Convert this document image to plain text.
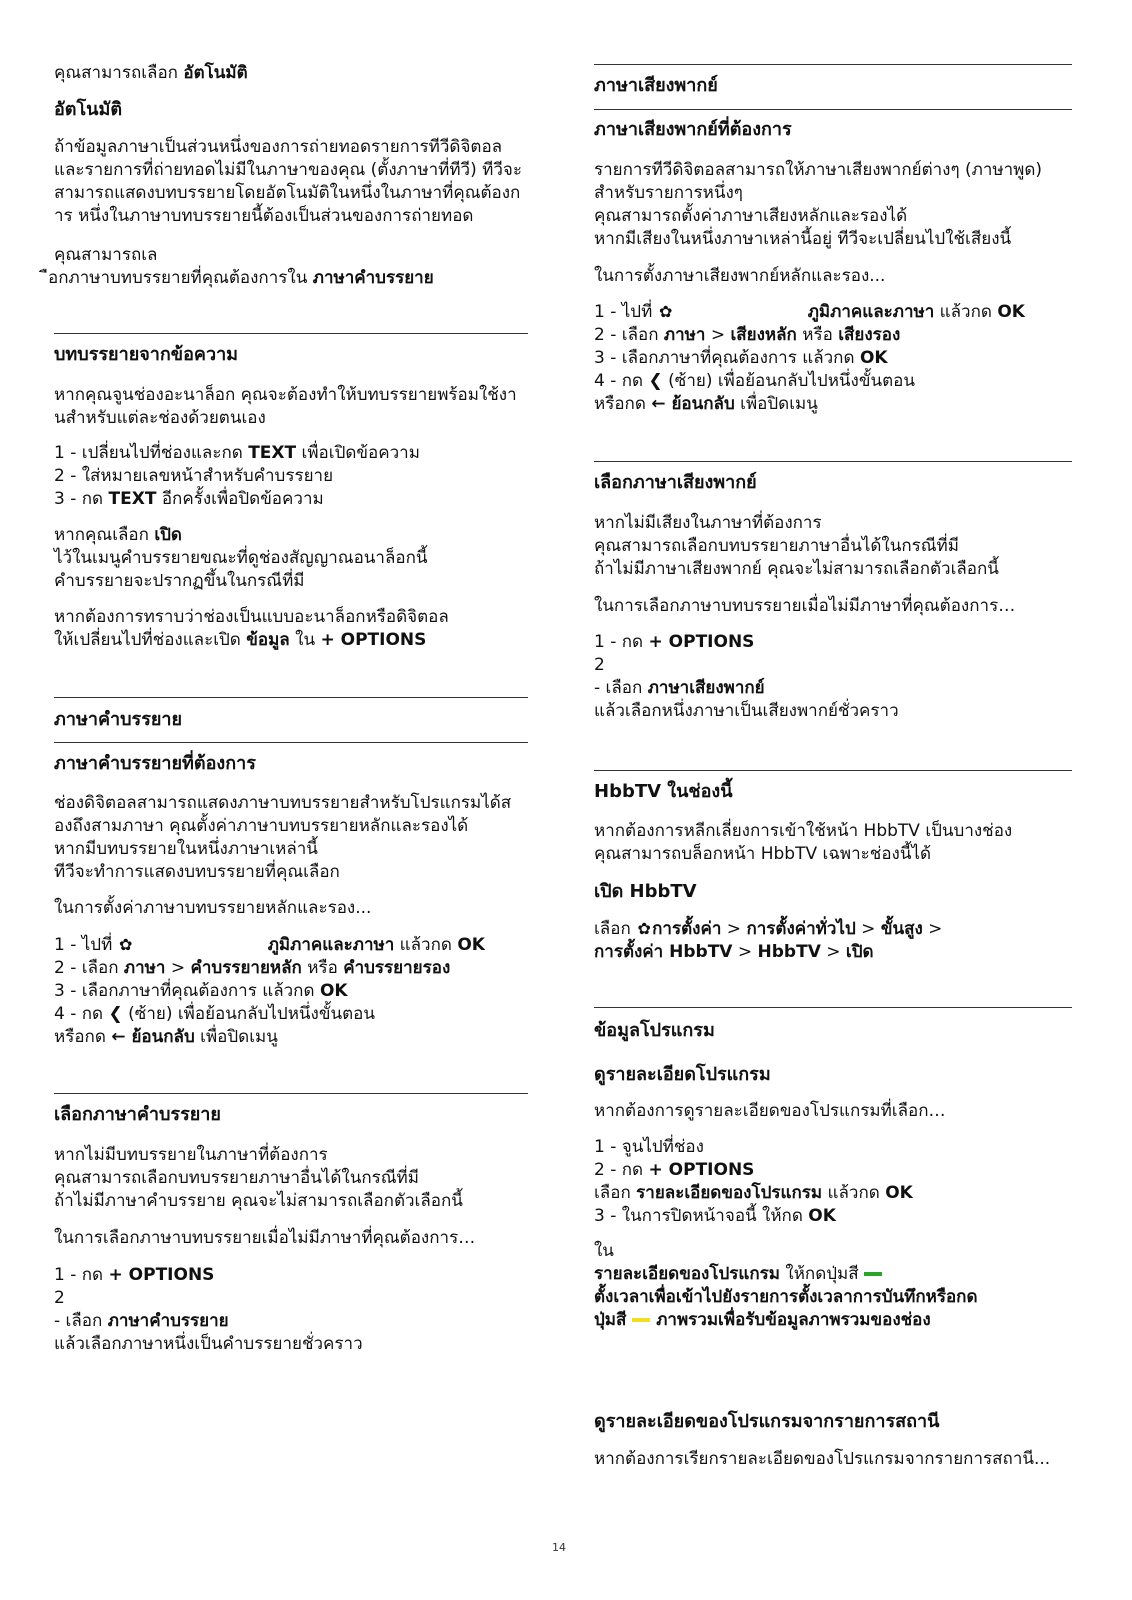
คุณสามารถเลือก อัตโนมัติ
อัตโนมัติ
ถ้าข้อมูลภาษาเป็นส่วนหนึ่งของการถ่ายทอดรายการทีวีดิจิตอล
และรายการที่ถ่ายทอดไม่มีในภาษาของคุณ (ตั้งภาษาที่ทีวี) ทีวีจะ
สามารถแสดงบทบรรยายโดยอัตโนมัติในหนึ่งในภาษาที่คุณต้องก
าร หนึ่งในภาษาบทบรรยายนี้ต้องเป็นส่วนของการถ่ายทอด
คุณสามารถเล
ือกภาษาบทบรรยายที่คุณต้องการใน ภาษาคำบรรยาย
บทบรรยายจากข้อความ
หากคุณจูนช่องอะนาล็อก คุณจะต้องทำให้บทบรรยายพร้อมใช้งา
นสำหรับแต่ละช่องด้วยตนเอง
1 - เปลี่ยนไปที่ช่องและกด TEXT เพื่อเปิดข้อความ
2 - ใส่หมายเลขหน้าสำหรับคำบรรยาย
3 - กด TEXT อีกครั้งเพื่อปิดข้อความ
หากคุณเลือก เปิด
ไว้ในเมนูคำบรรยายขณะที่ดูช่องสัญญาณอนาล็อกนี้
คำบรรยายจะปรากฏขึ้นในกรณีที่มี
หากต้องการทราบว่าช่องเป็นแบบอะนาล็อกหรือดิจิตอล
ให้เปลี่ยนไปที่ช่องและเปิด ข้อมูล ใน + OPTIONS
ภาษาคำบรรยาย
ภาษาคำบรรยายที่ต้องการ
ช่องดิจิตอลสามารถแสดงภาษาบทบรรยายสำหรับโปรแกรมได้ส
องถึงสามภาษา คุณตั้งค่าภาษาบทบรรยายหลักและรองได้
หากมีบทบรรยายในหนึ่งภาษาเหล่านี้
ทีวีจะทำการแสดงบทบรรยายที่คุณเลือก
ในการตั้งค่าภาษาบทบรรยายหลักและรอง...
1 - ไปที่ ✿	ภูมิภาคและภาษา แล้วกด OK
2 - เลือก ภาษา > คำบรรยายหลัก หรือ คำบรรยายรอง
3 - เลือกภาษาที่คุณต้องการ แล้วกด OK
4 - กด ❮ (ซ้าย) เพื่อย้อนกลับไปหนึ่งขั้นตอน
หรือกด ← ย้อนกลับ เพื่อปิดเมนู
เลือกภาษาคำบรรยาย
หากไม่มีบทบรรยายในภาษาที่ต้องการ
คุณสามารถเลือกบทบรรยายภาษาอื่นได้ในกรณีที่มี
ถ้าไม่มีภาษาคำบรรยาย คุณจะไม่สามารถเลือกตัวเลือกนี้
ในการเลือกภาษาบทบรรยายเมื่อไม่มีภาษาที่คุณต้องการ…
1 - กด + OPTIONS
2
- เลือก ภาษาคำบรรยาย
แล้วเลือกภาษาหนึ่งเป็นคำบรรยายชั่วคราว
ภาษาเสียงพากย์
ภาษาเสียงพากย์ที่ต้องการ
รายการทีวีดิจิตอลสามารถให้ภาษาเสียงพากย์ต่างๆ (ภาษาพูด)
สำหรับรายการหนึ่งๆ
คุณสามารถตั้งค่าภาษาเสียงหลักและรองได้
หากมีเสียงในหนึ่งภาษาเหล่านี้อยู่ ทีวีจะเปลี่ยนไปใช้เสียงนี้
ในการตั้งภาษาเสียงพากย์หลักและรอง...
1 - ไปที่ ✿	ภูมิภาคและภาษา แล้วกด OK
2 - เลือก ภาษา > เสียงหลัก หรือ เสียงรอง
3 - เลือกภาษาที่คุณต้องการ แล้วกด OK
4 - กด ❮ (ซ้าย) เพื่อย้อนกลับไปหนึ่งขั้นตอน
หรือกด ← ย้อนกลับ เพื่อปิดเมนู
เลือกภาษาเสียงพากย์
หากไม่มีเสียงในภาษาที่ต้องการ
คุณสามารถเลือกบทบรรยายภาษาอื่นได้ในกรณีที่มี
ถ้าไม่มีภาษาเสียงพากย์ คุณจะไม่สามารถเลือกตัวเลือกนี้
ในการเลือกภาษาบทบรรยายเมื่อไม่มีภาษาที่คุณต้องการ…
1 - กด + OPTIONS
2
- เลือก ภาษาเสียงพากย์
แล้วเลือกหนึ่งภาษาเป็นเสียงพากย์ชั่วคราว
HbbTV ในช่องนี้
หากต้องการหลีกเลี่ยงการเข้าใช้หน้า HbbTV เป็นบางช่อง
คุณสามารถบล็อกหน้า HbbTV เฉพาะช่องนี้ได้
เปิด HbbTV
เลือก ✿การตั้งค่า > การตั้งค่าทั่วไป > ขั้นสูง >
การตั้งค่า HbbTV > HbbTV > เปิด
ข้อมูลโปรแกรม
ดูรายละเอียดโปรแกรม
หากต้องการดูรายละเอียดของโปรแกรมที่เลือก…
1 - จูนไปที่ช่อง
2 - กด + OPTIONS
เลือก รายละเอียดของโปรแกรม แล้วกด OK
3 - ในการปิดหน้าจอนี้ ให้กด OK
ใน
รายละเอียดของโปรแกรม ให้กดปุ่มสี
ตั้งเวลาเพื่อเข้าไปยังรายการตั้งเวลาการบันทึกหรือกด
ปุ่มสี  ภาพรวมเพื่อรับข้อมูลภาพรวมของช่อง
ดูรายละเอียดของโปรแกรมจากรายการสถานี
หากต้องการเรียกรายละเอียดของโปรแกรมจากรายการสถานี...
14
